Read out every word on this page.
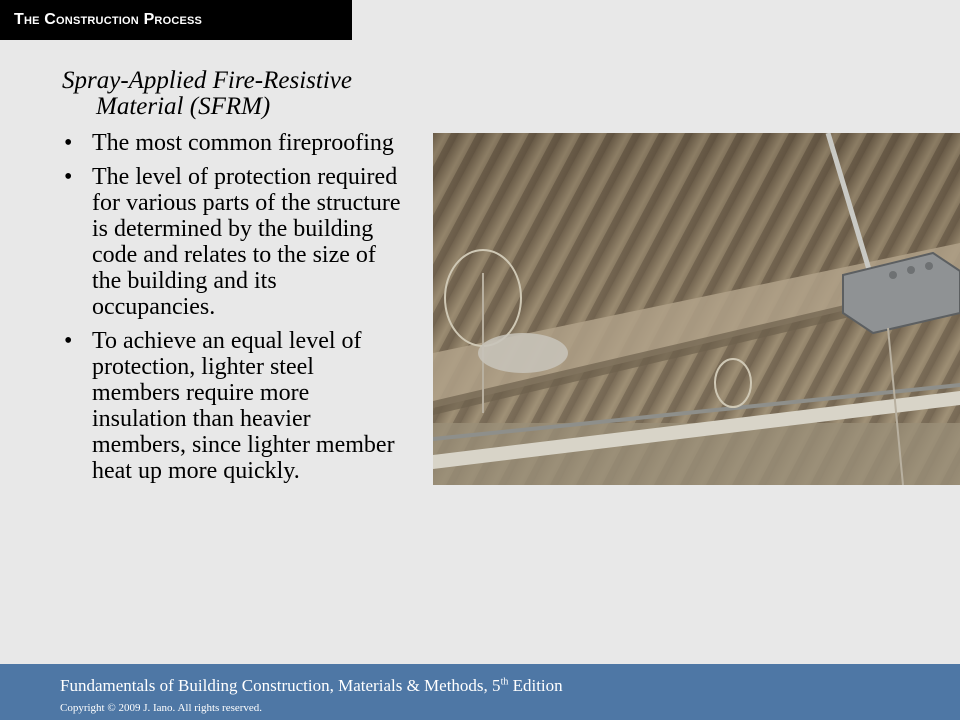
The Construction Process
Spray-Applied Fire-Resistive
Material (SFRM)
• The most common fireproofing
• The level of protection required for various parts of the structure is determined by the building code and relates to the size of the building and its occupancies.
• To achieve an equal level of protection, lighter steel members require more insulation than heavier members, since lighter member heat up more quickly.
Fundamentals of Building Construction, Materials & Methods, 5th Edition
Copyright © 2009 J. Iano. All rights reserved.
